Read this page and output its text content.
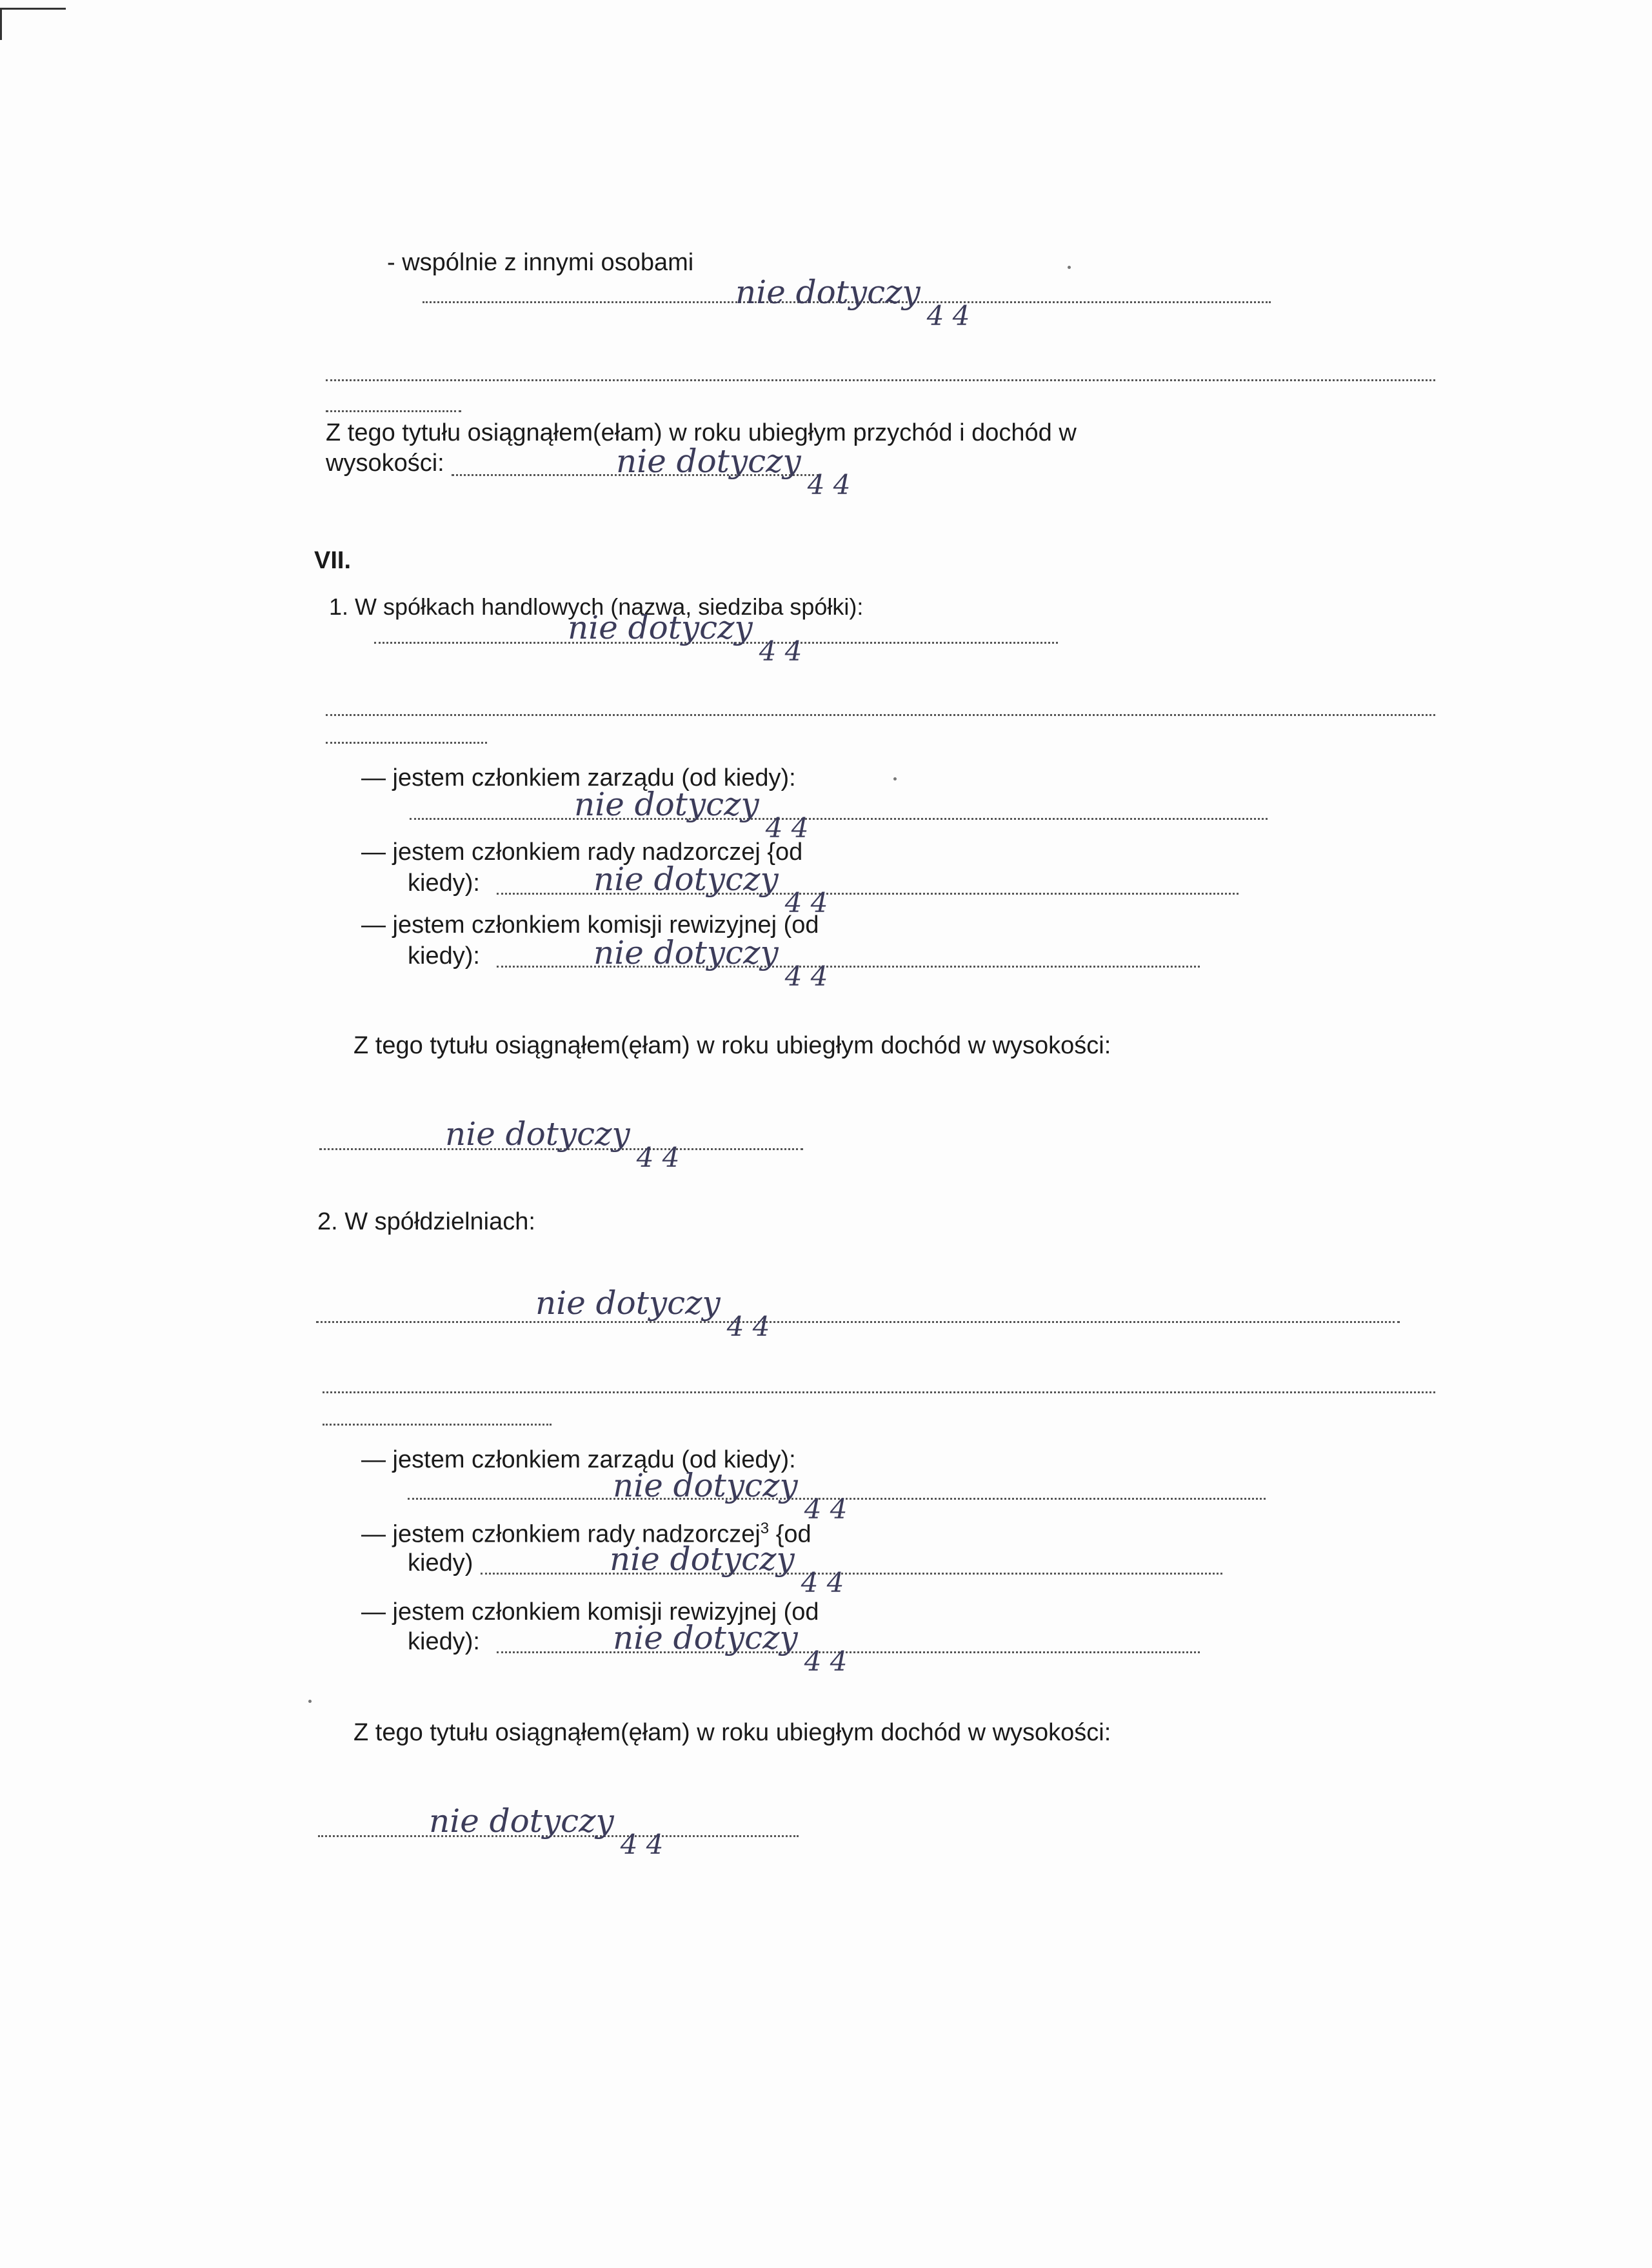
- wspólnie z innymi osobami
nie dotyczy$_{4 4}$
Z tego tytułu osiągnąłem(ełam) w roku ubiegłym przychód i dochód w
wysokości:	nie dotyczy$_{4 4}$
VII.
1. W spółkach handlowych (nazwa, siedziba spółki):
nie dotyczy$_{4 4}$
— jestem członkiem zarządu (od kiedy):
nie dotyczy$_{4 4}$
— jestem członkiem rady nadzorczej {od
kiedy):	nie dotyczy$_{4 4}$
— jestem członkiem komisji rewizyjnej (od
kiedy):	nie dotyczy$_{4 4}$
Z tego tytułu osiągnąłem(ęłam) w roku ubiegłym dochód w wysokości:
nie dotyczy$_{4 4}$
2. W spółdzielniach:
nie dotyczy$_{4 4}$
— jestem członkiem zarządu (od kiedy):
nie dotyczy$_{4 4}$
— jestem członkiem rady nadzorczej$^3$ {od
kiedy)	nie dotyczy$_{4 4}$
— jestem członkiem komisji rewizyjnej (od
kiedy):	nie dotyczy$_{4 4}$
Z tego tytułu osiągnąłem(ęłam) w roku ubiegłym dochód w wysokości:
nie dotyczy$_{4 4}$
